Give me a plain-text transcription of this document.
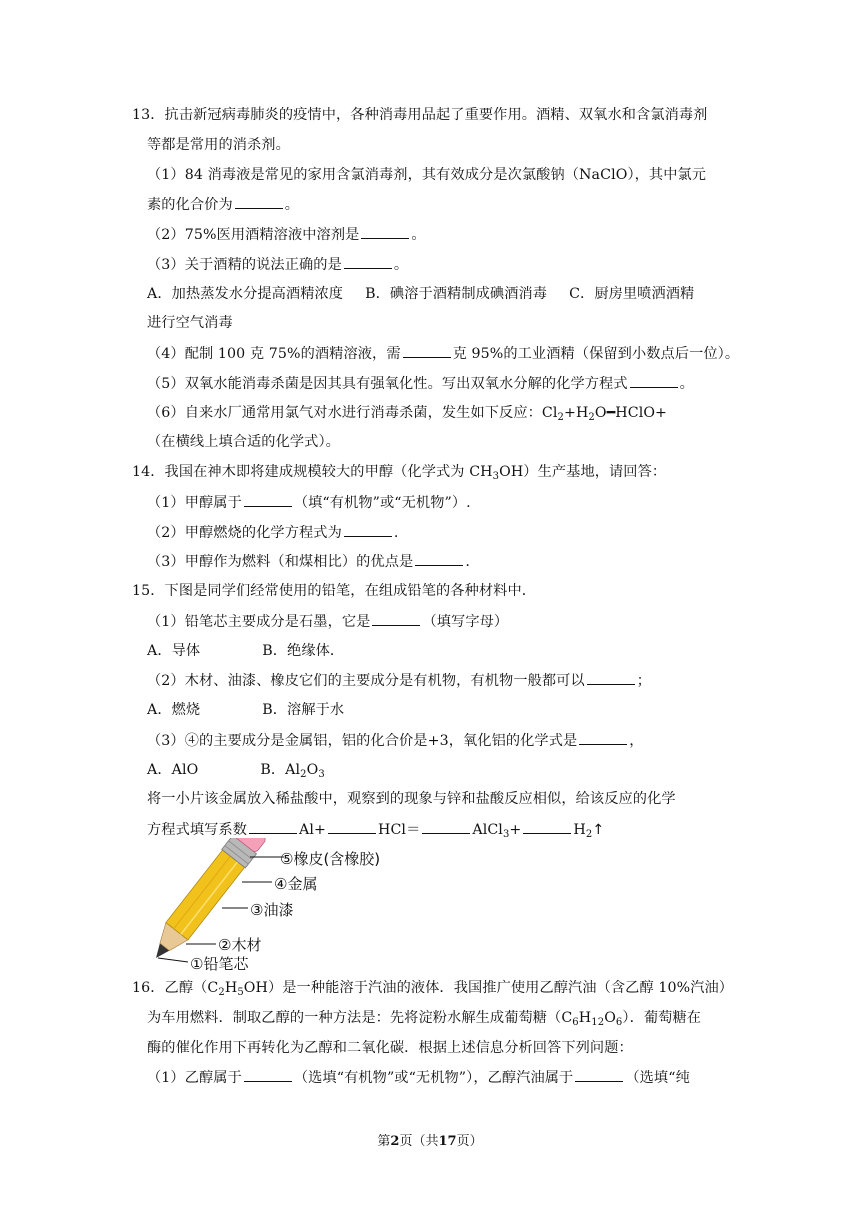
13．抗击新冠病毒肺炎的疫情中，各种消毒用品起了重要作用。酒精、双氧水和含氯消毒剂
等都是常用的消杀剂。
（1）84 消毒液是常见的家用含氯消毒剂，其有效成分是次氯酸钠（NaClO），其中氯元
素的化合价为	。
（2）75%医用酒精溶液中溶剂是	。
（3）关于酒精的说法正确的是	。
A．加热蒸发水分提高酒精浓度 B．碘溶于酒精制成碘酒消毒 C．厨房里喷洒酒精
进行空气消毒
（4）配制 100 克 75%的酒精溶液，需	克 95%的工业酒精（保留到小数点后一位）。
（5）双氧水能消毒杀菌是因其具有强氧化性。写出双氧水分解的化学方程式	。
（6）自来水厂通常用氯气对水进行消毒杀菌，发生如下反应：$Cl_2+H_2O━HClO+$
（在横线上填合适的化学式）。
14．我国在神木即将建成规模较大的甲醇（化学式为 $CH_3OH$）生产基地，请回答：
（1）甲醇属于	（填“有机物”或“无机物”）.
（2）甲醇燃烧的化学方程式为	.
（3）甲醇作为燃料（和煤相比）的优点是	.
15．下图是同学们经常使用的铅笔，在组成铅笔的各种材料中．
（1）铅笔芯主要成分是石墨，它是	（填写字母）
A．导体	B．绝缘体．
（2）木材、油漆、橡皮它们的主要成分是有机物，有机物一般都可以	；
A．燃烧	B．溶解于水
（3）④的主要成分是金属铝，铝的化合价是+3，氧化铝的化学式是	，
A．AlO	B．$Al_2O_3$
将一小片该金属放入稀盐酸中，观察到的现象与锌和盐酸反应相似，给该反应的化学
方程式填写系数	Al+	HCl＝	AlCl$_3$+	$H_2↑$
⑤橡皮(含橡胶)
④金属
③油漆
②木材
①铅笔芯
16．乙醇$(C_2H_5OH)$是一种能溶于汽油的液体．我国推广使用乙醇汽油（含乙醇 10%汽油）
为车用燃料．制取乙醇的一种方法是：先将淀粉水解生成葡萄糖$(C_6H_{12}O_6)$．葡萄糖在
酶的催化作用下再转化为乙醇和二氧化碳．根据上述信息分析回答下列问题：
（1）乙醇属于	（选填“有机物”或“无机物”），乙醇汽油属于	（选填“纯
第2页（共17页）
